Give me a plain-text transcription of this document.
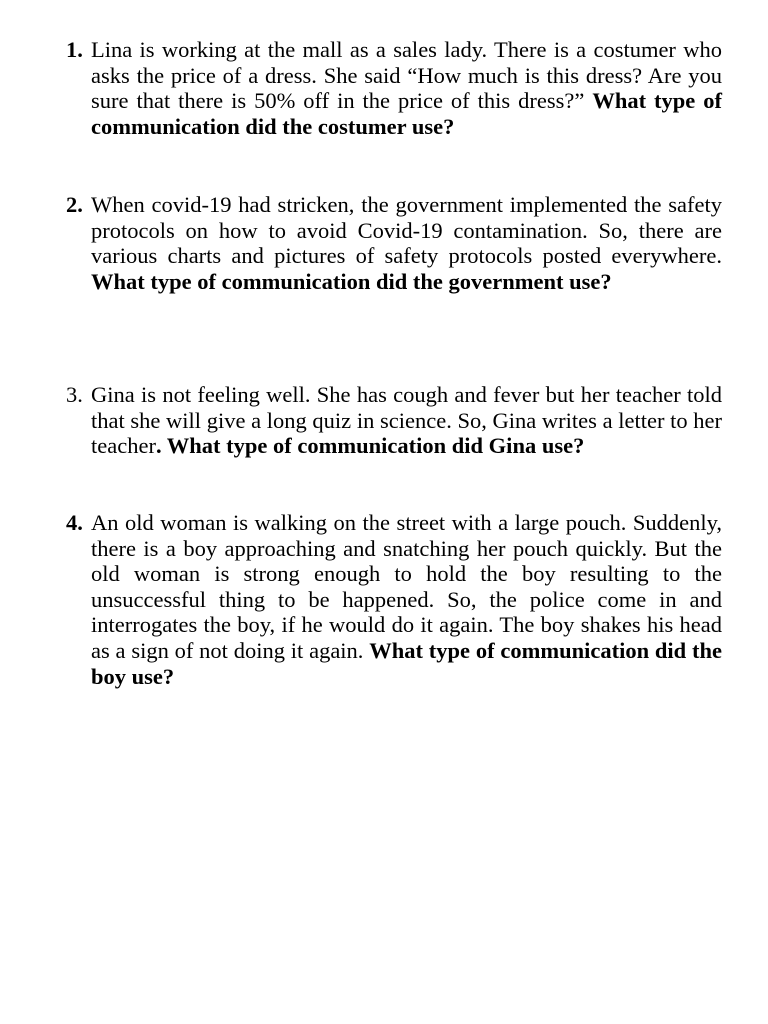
1. Lina is working at the mall as a sales lady. There is a costumer who asks the price of a dress. She said “How much is this dress? Are you sure that there is 50% off in the price of this dress?” What type of communication did the costumer use?
2. When covid-19 had stricken, the government implemented the safety protocols on how to avoid Covid-19 contamination. So, there are various charts and pictures of safety protocols posted everywhere. What type of communication did the government use?
3. Gina is not feeling well. She has cough and fever but her teacher told that she will give a long quiz in science. So, Gina writes a letter to her teacher. What type of communication did Gina use?
4. An old woman is walking on the street with a large pouch. Suddenly, there is a boy approaching and snatching her pouch quickly. But the old woman is strong enough to hold the boy resulting to the unsuccessful thing to be happened. So, the police come in and interrogates the boy, if he would do it again. The boy shakes his head as a sign of not doing it again. What type of communication did the boy use?
